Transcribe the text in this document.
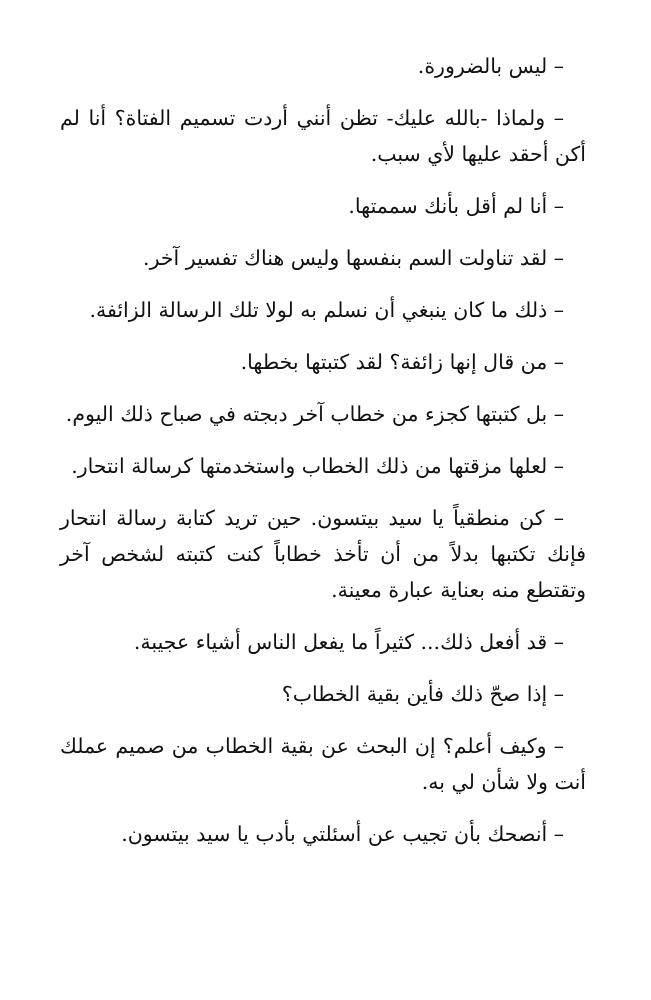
– ليس بالضرورة.

– ولماذا -بالله عليك- تظن أنني أردت تسميم الفتاة؟ أنا لم أكن أحقد عليها لأي سبب.

– أنا لم أقل بأنك سممتها.

– لقد تناولت السم بنفسها وليس هناك تفسير آخر.

– ذلك ما كان ينبغي أن نسلم به لولا تلك الرسالة الزائفة.

– من قال إنها زائفة؟ لقد كتبتها بخطها.

– بل كتبتها كجزء من خطاب آخر دبجته في صباح ذلك اليوم.

– لعلها مزقتها من ذلك الخطاب واستخدمتها كرسالة انتحار.

– كن منطقياً يا سيد بيتسون. حين تريد كتابة رسالة انتحار فإنك تكتبها بدلاً من أن تأخذ خطاباً كنت كتبته لشخص آخر وتقتطع منه بعناية عبارة معينة.

– قد أفعل ذلك... كثيراً ما يفعل الناس أشياء عجيبة.

– إذا صحّ ذلك فأين بقية الخطاب؟

– وكيف أعلم؟ إن البحث عن بقية الخطاب من صميم عملك أنت ولا شأن لي به.

– أنصحك بأن تجيب عن أسئلتي بأدب يا سيد بيتسون.
